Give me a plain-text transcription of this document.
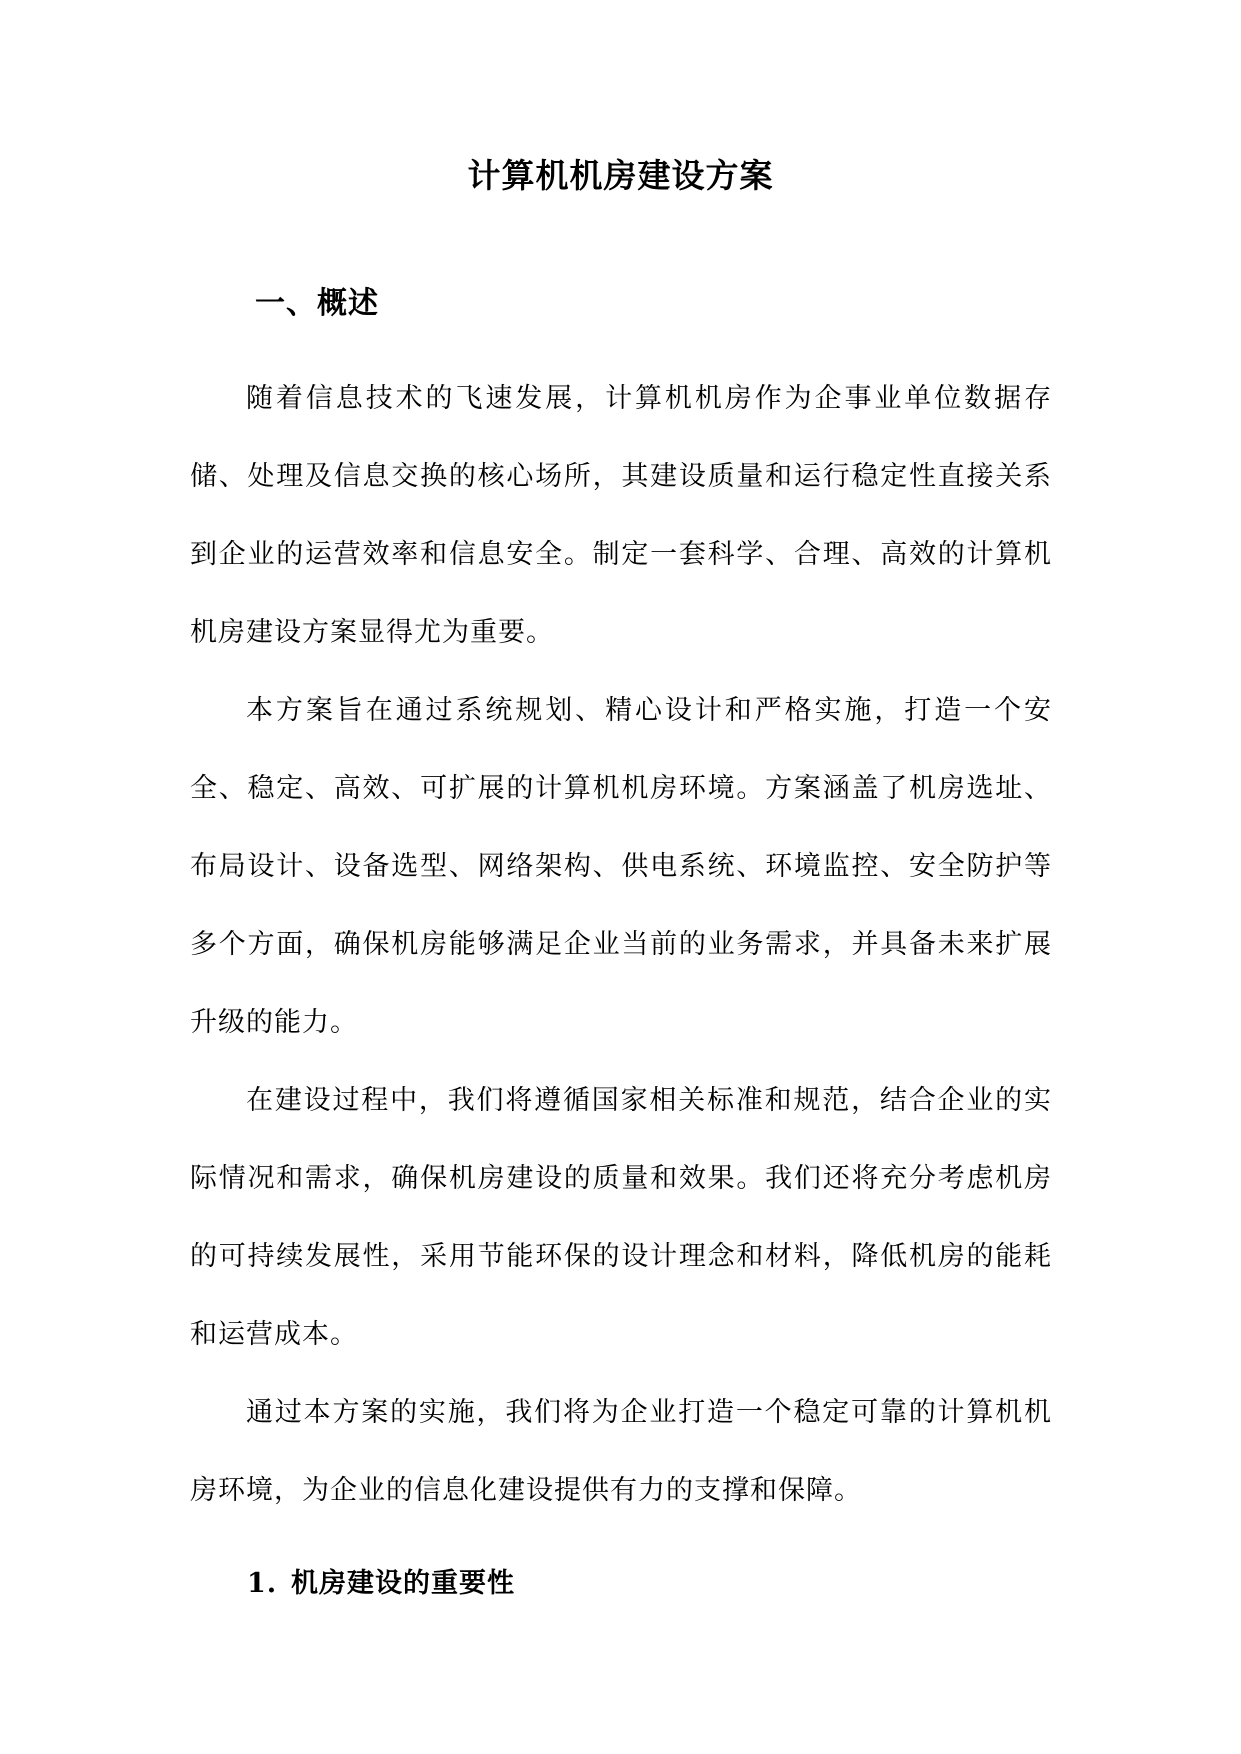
计算机机房建设方案
一、概述

随着信息技术的飞速发展，计算机机房作为企事业单位数据存储、处理及信息交换的核心场所，其建设质量和运行稳定性直接关系到企业的运营效率和信息安全。制定一套科学、合理、高效的计算机机房建设方案显得尤为重要。

本方案旨在通过系统规划、精心设计和严格实施，打造一个安全、稳定、高效、可扩展的计算机机房环境。方案涵盖了机房选址、布局设计、设备选型、网络架构、供电系统、环境监控、安全防护等多个方面，确保机房能够满足企业当前的业务需求，并具备未来扩展升级的能力。

在建设过程中，我们将遵循国家相关标准和规范，结合企业的实际情况和需求，确保机房建设的质量和效果。我们还将充分考虑机房的可持续发展性，采用节能环保的设计理念和材料，降低机房的能耗和运营成本。

通过本方案的实施，我们将为企业打造一个稳定可靠的计算机机房环境，为企业的信息化建设提供有力的支撑和保障。

1. 机房建设的重要性
